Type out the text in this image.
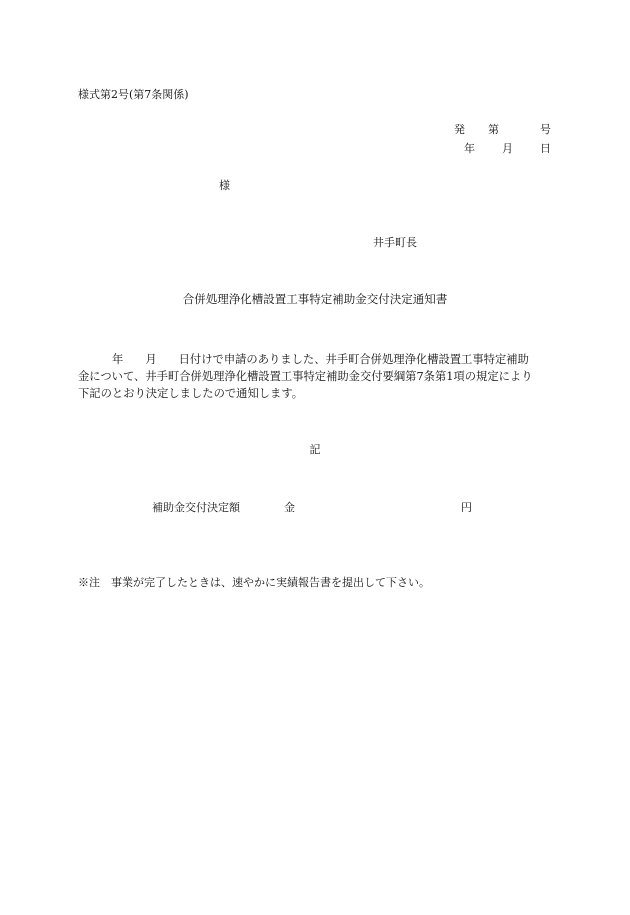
様式第2号(第7条関係)
発	第	号
年	月	日
様
井手町長
合併処理浄化槽設置工事特定補助金交付決定通知書
年 月 日付けで申請のありました、井手町合併処理浄化槽設置工事特定補助
金について、井手町合併処理浄化槽設置工事特定補助金交付要綱第7条第1項の規定により
下記のとおり決定しましたので通知します。
記
補助金交付決定額	金	円
※注　事業が完了したときは、速やかに実績報告書を提出して下さい。
